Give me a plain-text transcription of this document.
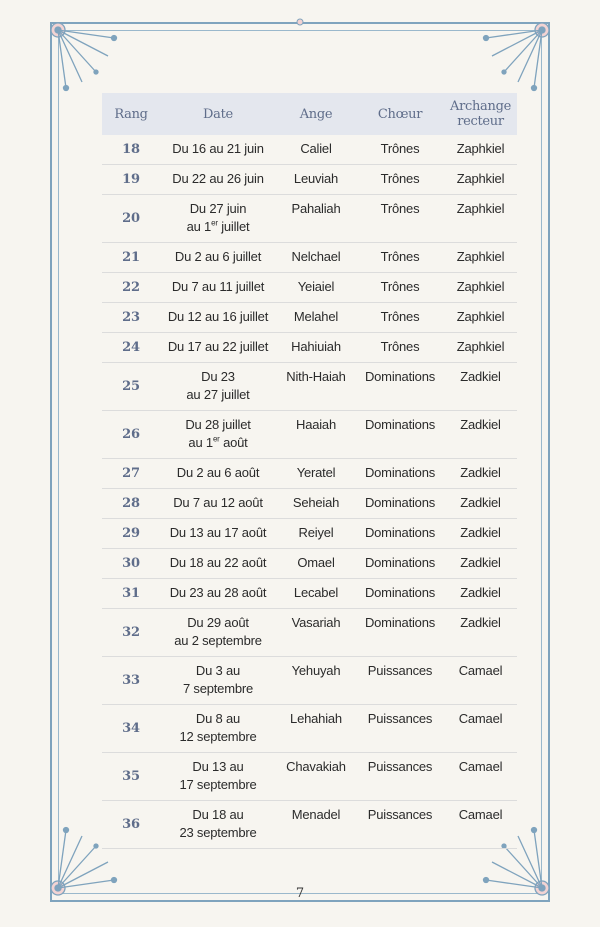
Rang	Date	Ange	Chœur	Archange
recteur

18	Du 16 au 21 juin	Caliel	Trônes	Zaphkiel
19	Du 22 au 26 juin	Leuviah	Trônes	Zaphkiel
20	Du 27 juin
au 1er juillet	Pahaliah	Trônes	Zaphkiel
21	Du 2 au 6 juillet	Nelchael	Trônes	Zaphkiel
22	Du 7 au 11 juillet	Yeiaiel	Trônes	Zaphkiel
23	Du 12 au 16 juillet	Melahel	Trônes	Zaphkiel
24	Du 17 au 22 juillet	Hahiuiah	Trônes	Zaphkiel
25	Du 23
au 27 juillet	Nith-Haiah	Dominations	Zadkiel
26	Du 28 juillet
au 1er août	Haaiah	Dominations	Zadkiel
27	Du 2 au 6 août	Yeratel	Dominations	Zadkiel
28	Du 7 au 12 août	Seheiah	Dominations	Zadkiel
29	Du 13 au 17 août	Reiyel	Dominations	Zadkiel
30	Du 18 au 22 août	Omael	Dominations	Zadkiel
31	Du 23 au 28 août	Lecabel	Dominations	Zadkiel
32	Du 29 août
au 2 septembre	Vasariah	Dominations	Zadkiel
33	Du 3 au
7 septembre	Yehuyah	Puissances	Camael
34	Du 8 au
12 septembre	Lehahiah	Puissances	Camael
35	Du 13 au
17 septembre	Chavakiah	Puissances	Camael
36	Du 18 au
23 septembre	Menadel	Puissances	Camael
7
